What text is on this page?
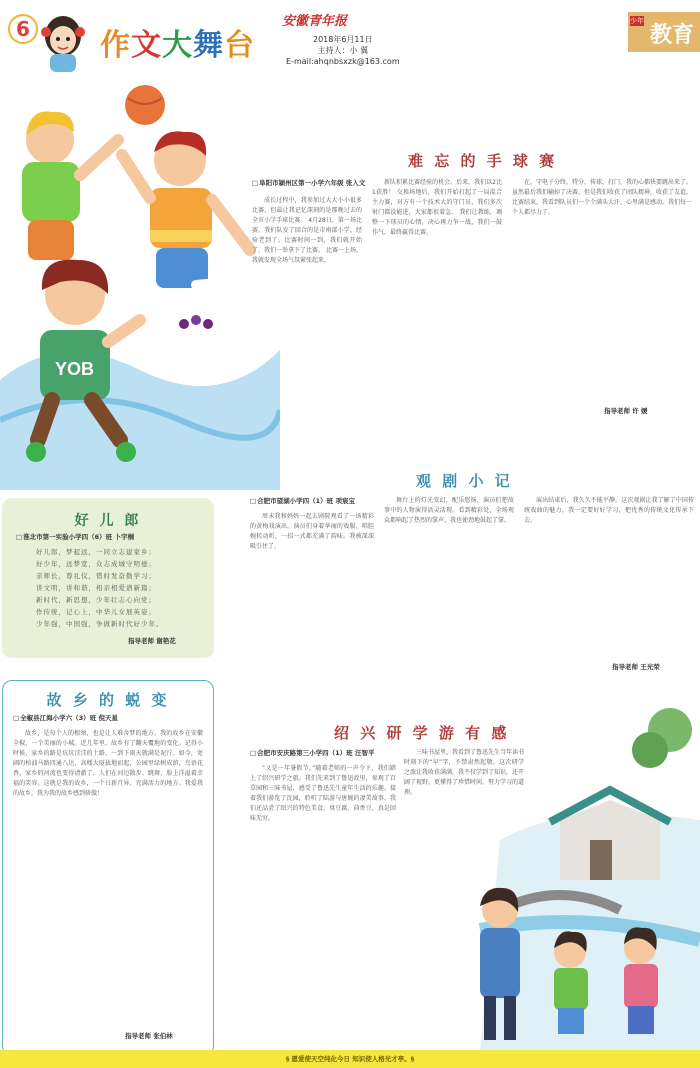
6 作文大舞台
安徽青年报
2018年6月11日
主持人：小 翼
E-mail:ahqnbsxzk@163.com
少年
教育
YOB
难 忘 的 手 球 赛
□ 阜阳市颍州区第一小学六年级 张入文

成长过程中，我参加过大大小小很多比赛，但最让我记忆深刻的是那晚过去的全市小学手球比赛。 4月28日，第一场比赛，我们队发了回合的是市南部小学，经验老到了。比赛时间一到，我们就开始了。我们一举拿下了比赛。 比赛一上场，我就发现全场气氛紧张起来，

新队积累比赛经验的机会。后来，我们以2比1获胜！ 交换场地后，我们开始打起了一局混合主力赛，对方有一个技术大的守门员，我们多次射门都没能进，大家都很着急。 我们让教练，调整一下球员的心情，决心再力争一战，我们一鼓作气，最终赢得比赛。

在，守电子分终，特分，传球，打门，我的心都快要跳出来了。虽然最后我们输掉了决赛，但是我们收获了团队精神，收获了友谊。 比赛结束，我看到队员们一个个满头大汗，心里满是感动。我们每一个人都尽力了。

指导老师 许 媛
好 儿 郎
□ 淮北市第一实验小学四（6）班 卜宇桐
好儿郎，梦起远，一同立志建家乡；
好少年，远梦宽，众志成城守明德；
亲师长，尊礼仪，惜时发奋勤学习；
讲文明，讲和谐，相亲相爱谱新篇；
新时代，新思想，少年壮志心向党；
作传统，记心上，中华儿女展英姿；
少年强，中国强，争做新时代好少年。
指导老师 谢艳花
故 乡 的 蜕 变
□ 全椒县江海小学六（3）班 倪天星

故乡，是每个人的根须，也是让人难舍梦的地方。我的故乡在安徽全椒，一个美丽的小城。近几年里，故乡有了翻天覆地的变化。记得小时候，家乡的路是坑坑洼洼的土路，一到下雨天就满是泥泞。如今，宽阔的柏油马路四通八达，高楼大厦拔地而起，公园里绿树成荫，鸟语花香。家乡的河流也变得清澈了，人们在河边散步、跳舞，脸上洋溢着幸福的笑容。这就是我的故乡，一个日新月异、充满活力的地方。我爱我的故乡，我为我的故乡感到骄傲！

指导老师 张伯林
观 剧 小 记
□ 合肥市望湖小学四（1）班 项宸宝

周末我和妈妈一起去剧院观看了一场精彩的黄梅戏演出。演员们身着华丽的戏服，唱腔婉转动听，一招一式都充满了韵味。我被深深吸引住了。

舞台上的灯光变幻，配乐悠扬，演员们把故事中的人物演得活灵活现。看到精彩处，全场观众都响起了热烈的掌声。我也使劲地鼓起了掌。

演出结束后，我久久不能平静。这次观剧让我了解了中国传统戏曲的魅力，我一定要好好学习，把优秀的传统文化传承下去。

指导老师 王光荣
绍 兴 研 学 游 有 感
□ 合肥市安庆路第三小学四（1）班 汪智平

“又是一年暑假节。”随着老师的一声令下，我们踏上了绍兴研学之旅。我们先来到了鲁迅故里，参观了百草园和三味书屋，感受了鲁迅先生童年生活的乐趣。接着我们游览了沈园，聆听了陆游与唐婉的凄美故事。我们还品尝了绍兴的特色美食，臭豆腐、茴香豆，真是回味无穷。

三味书屋里，我看到了鲁迅先生当年读书时刻下的“早”字，不禁肃然起敬。这次研学之旅让我收获满满，我不仅学到了知识，还开阔了视野，更懂得了珍惜时间、努力学习的道理。

§ 愿爱使天空纯化今日 知识使人格光才亭。§
